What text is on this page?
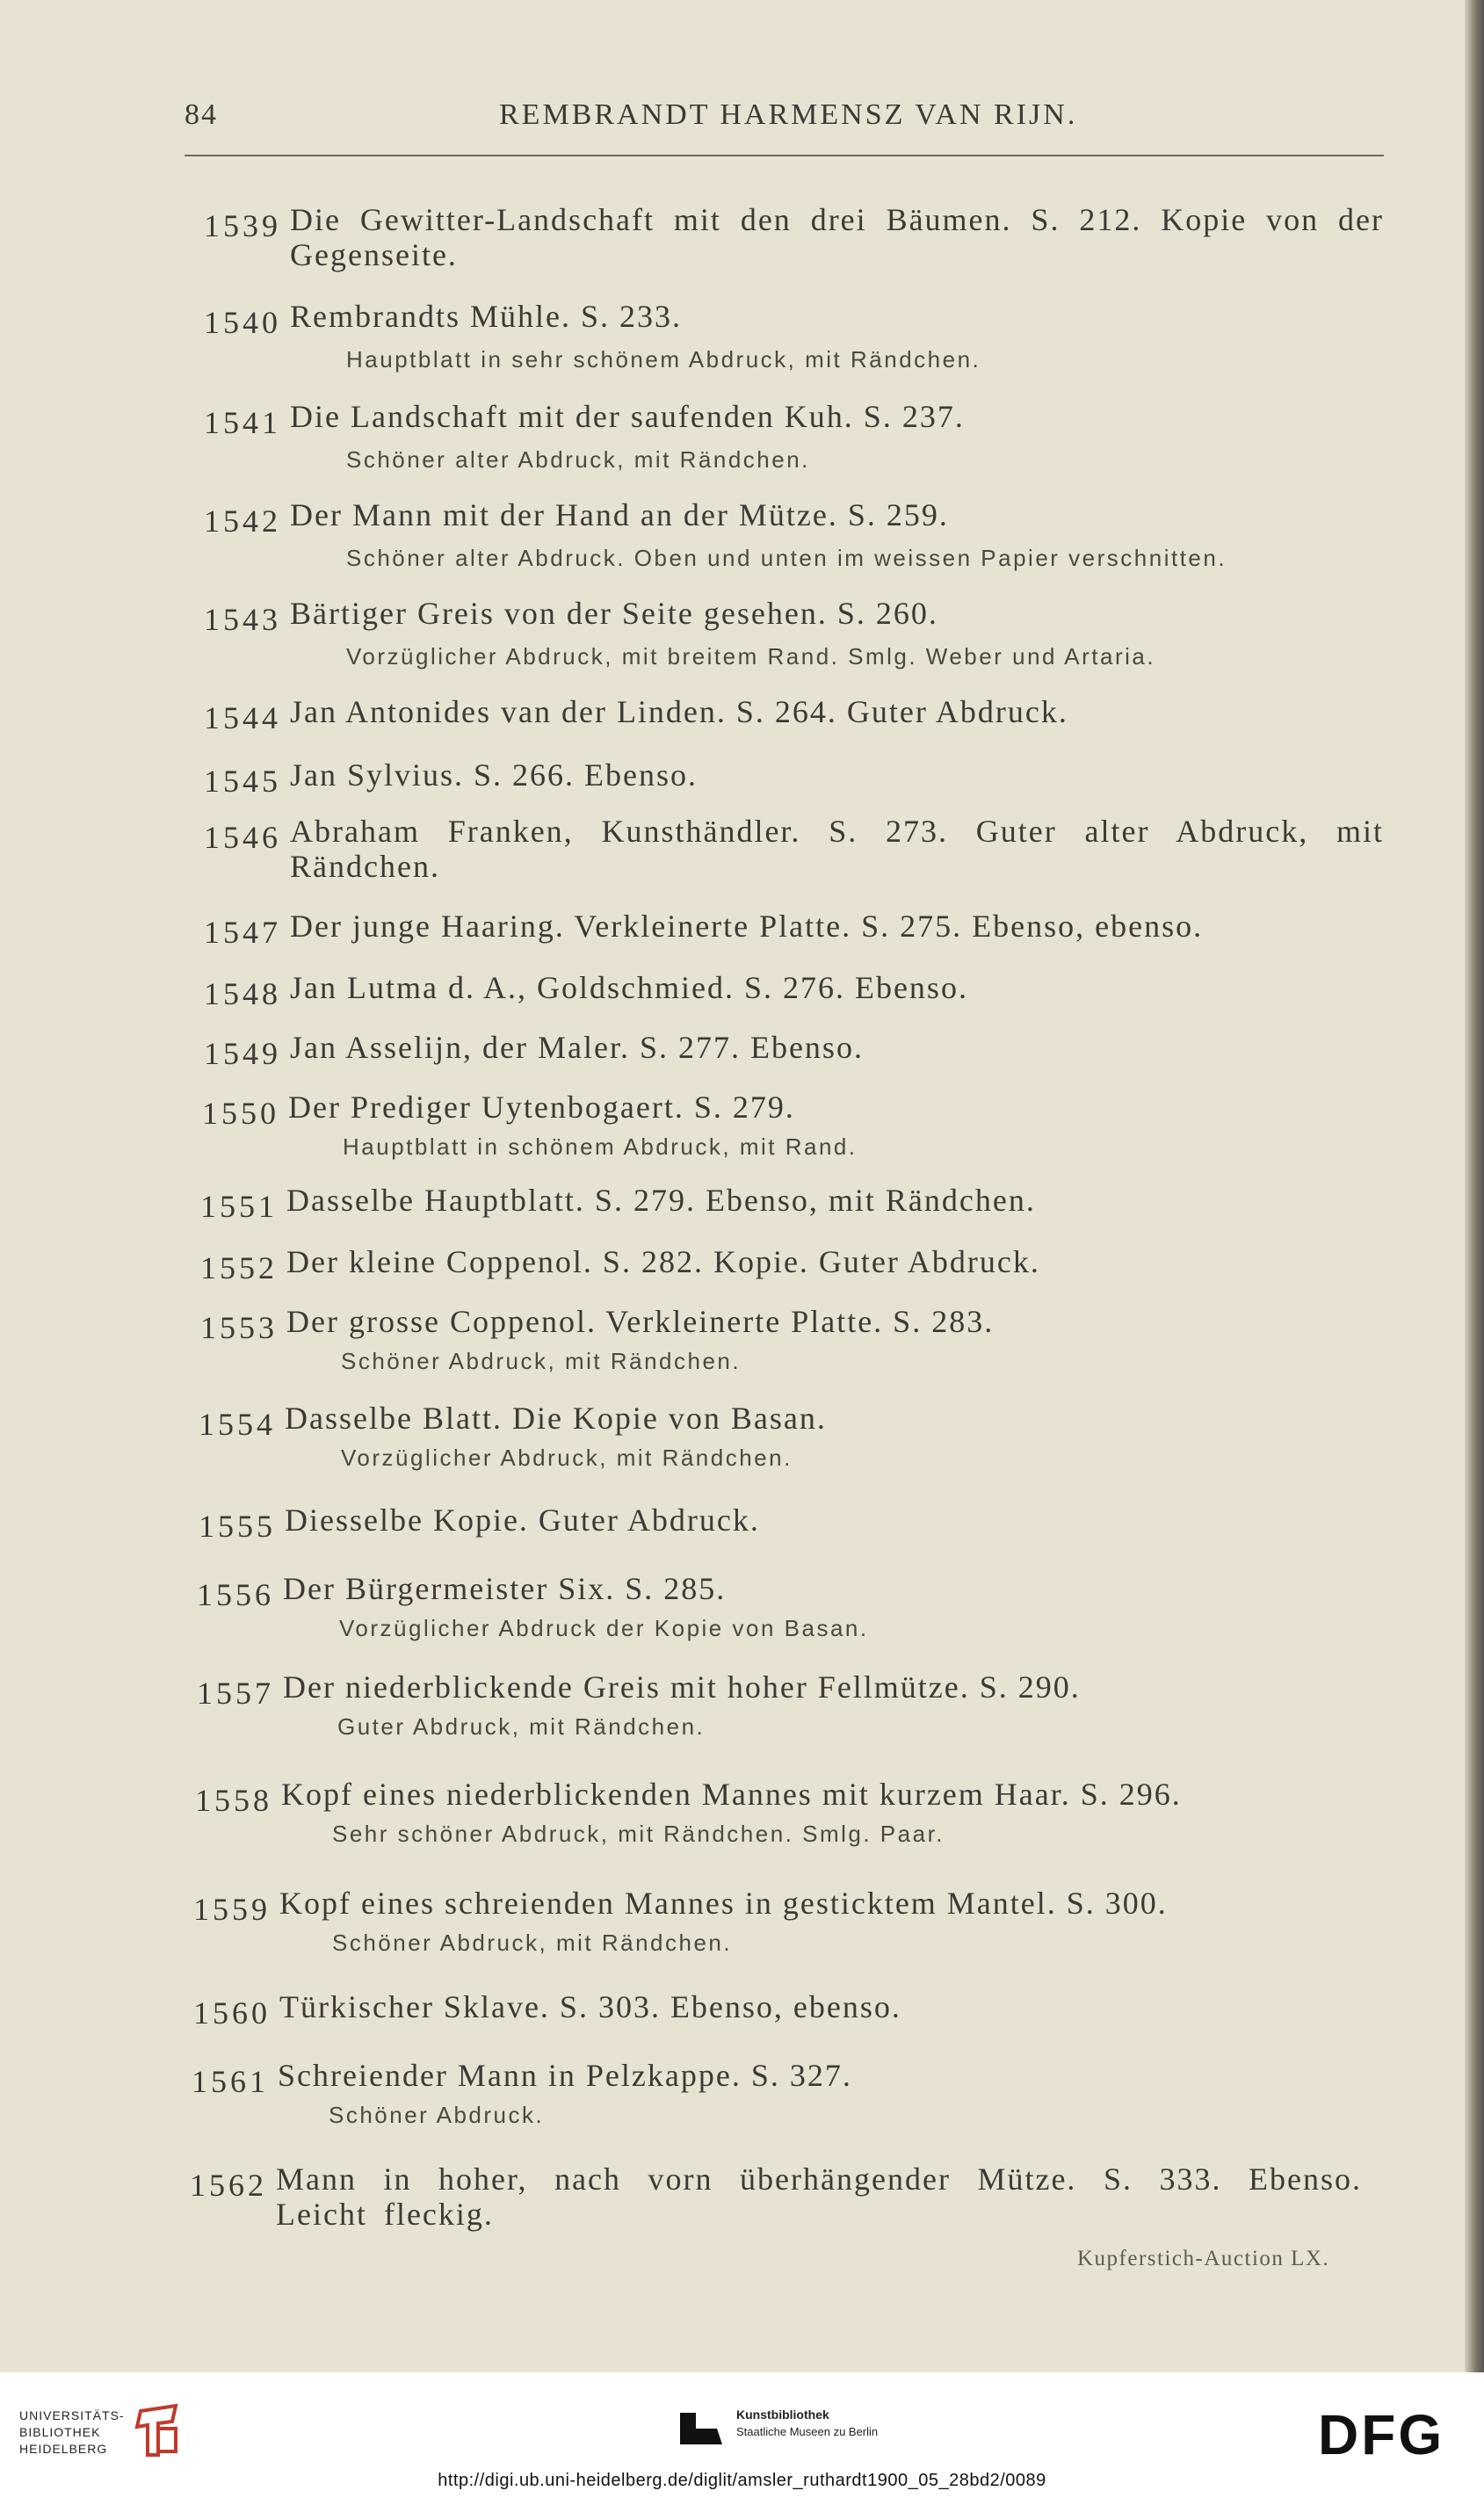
84	REMBRANDT HARMENSZ VAN RIJN.
1539 Die Gewitter-Landschaft mit den drei Bäumen. S. 212. Kopie von der Gegenseite.
1540 Rembrandts Mühle. S. 233.
Hauptblatt in sehr schönem Abdruck, mit Rändchen.
1541 Die Landschaft mit der saufenden Kuh. S. 237.
Schöner alter Abdruck, mit Rändchen.
1542 Der Mann mit der Hand an der Mütze. S. 259.
Schöner alter Abdruck. Oben und unten im weissen Papier verschnitten.
1543 Bärtiger Greis von der Seite gesehen. S. 260.
Vorzüglicher Abdruck, mit breitem Rand. Smlg. Weber und Artaria.
1544 Jan Antonides van der Linden. S. 264. Guter Abdruck.
1545 Jan Sylvius. S. 266. Ebenso.
1546 Abraham Franken, Kunsthändler. S. 273. Guter alter Abdruck, mit Rändchen.
1547 Der junge Haaring. Verkleinerte Platte. S. 275. Ebenso, ebenso.
1548 Jan Lutma d. A., Goldschmied. S. 276. Ebenso.
1549 Jan Asselijn, der Maler. S. 277. Ebenso.
1550 Der Prediger Uytenbogaert. S. 279.
Hauptblatt in schönem Abdruck, mit Rand.
1551 Dasselbe Hauptblatt. S. 279. Ebenso, mit Rändchen.
1552 Der kleine Coppenol. S. 282. Kopie. Guter Abdruck.
1553 Der grosse Coppenol. Verkleinerte Platte. S. 283.
Schöner Abdruck, mit Rändchen.
1554 Dasselbe Blatt. Die Kopie von Basan.
Vorzüglicher Abdruck, mit Rändchen.
1555 Diesselbe Kopie. Guter Abdruck.
1556 Der Bürgermeister Six. S. 285.
Vorzüglicher Abdruck der Kopie von Basan.
1557 Der niederblickende Greis mit hoher Fellmütze. S. 290.
Guter Abdruck, mit Rändchen.
1558 Kopf eines niederblickenden Mannes mit kurzem Haar. S. 296.
Sehr schöner Abdruck, mit Rändchen. Smlg. Paar.
1559 Kopf eines schreienden Mannes in gesticktem Mantel. S. 300.
Schöner Abdruck, mit Rändchen.
1560 Türkischer Sklave. S. 303. Ebenso, ebenso.
1561 Schreiender Mann in Pelzkappe. S. 327.
Schöner Abdruck.
1562 Mann in hoher, nach vorn überhängender Mütze. S. 333. Ebenso. Leicht fleckig.
Kupferstich-Auction LX.
UNIVERSITÄTS-
BIBLIOTHEK
HEIDELBERG
Kunstbibliothek
Staatliche Museen zu Berlin	DFG
http://digi.ub.uni-heidelberg.de/diglit/amsler_ruthardt1900_05_28bd2/0089
